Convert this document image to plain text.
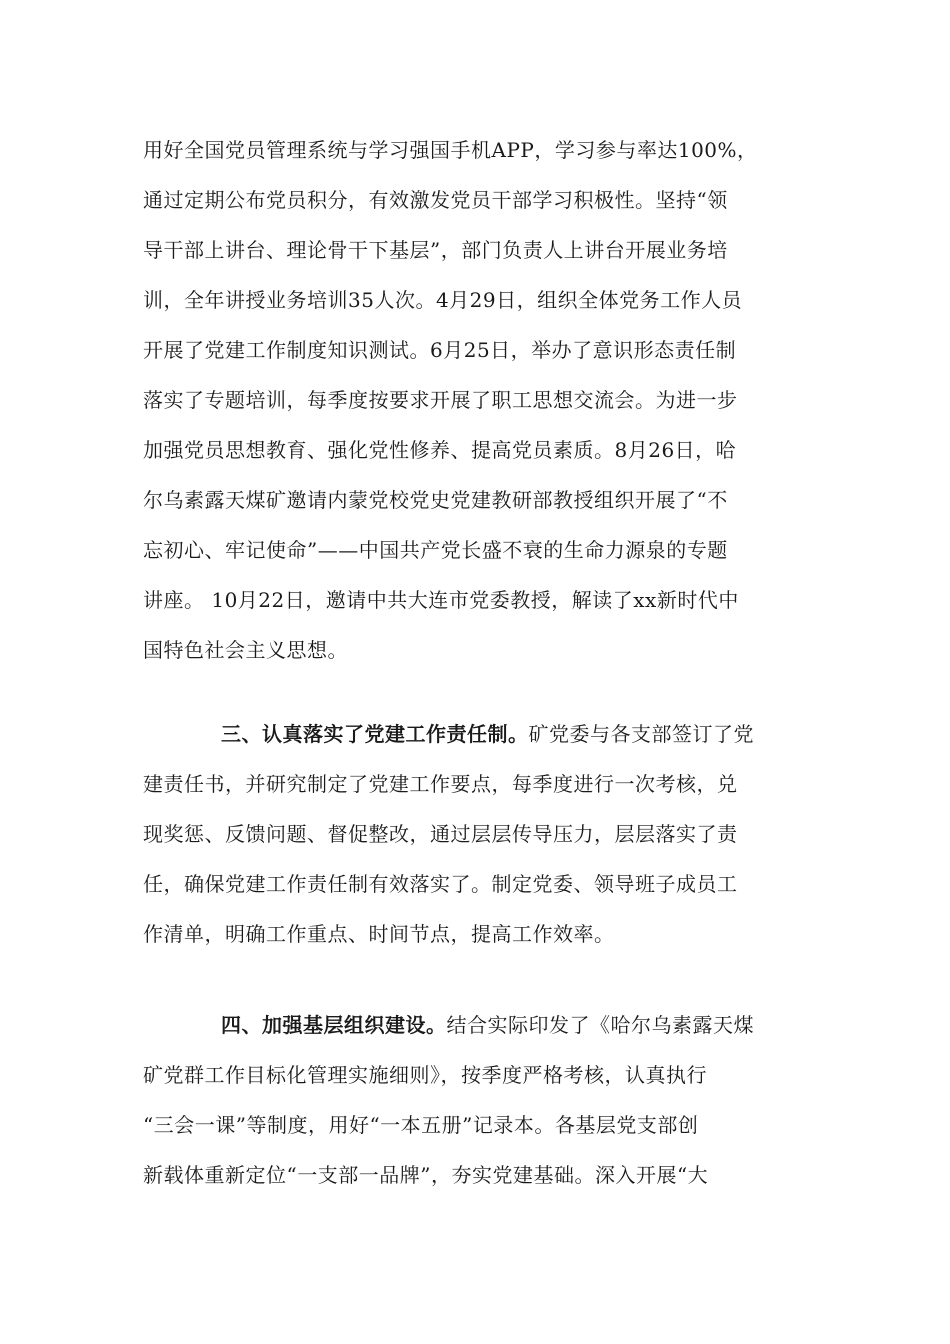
用好全国党员管理系统与学习强国手机APP，学习参与率达100%，
通过定期公布党员积分，有效激发党员干部学习积极性。坚持“领
导干部上讲台、理论骨干下基层”，部门负责人上讲台开展业务培
训，全年讲授业务培训35人次。4月29日，组织全体党务工作人员
开展了党建工作制度知识测试。6月25日，举办了意识形态责任制
落实了专题培训，每季度按要求开展了职工思想交流会。为进一步
加强党员思想教育、强化党性修养、提高党员素质。8月26日，哈
尔乌素露天煤矿邀请内蒙党校党史党建教研部教授组织开展了“不
忘初心、牢记使命”——中国共产党长盛不衰的生命力源泉的专题
讲座。 10月22日，邀请中共大连市党委教授，解读了xx新时代中
国特色社会主义思想。
三、认真落实了党建工作责任制。矿党委与各支部签订了党
建责任书，并研究制定了党建工作要点，每季度进行一次考核，兑
现奖惩、反馈问题、督促整改，通过层层传导压力，层层落实了责
任，确保党建工作责任制有效落实了。制定党委、领导班子成员工
作清单，明确工作重点、时间节点，提高工作效率。
四、加强基层组织建设。结合实际印发了《哈尔乌素露天煤
矿党群工作目标化管理实施细则》，按季度严格考核，认真执行
“三会一课”等制度，用好“一本五册”记录本。各基层党支部创
新载体重新定位“一支部一品牌”，夯实党建基础。深入开展“大
